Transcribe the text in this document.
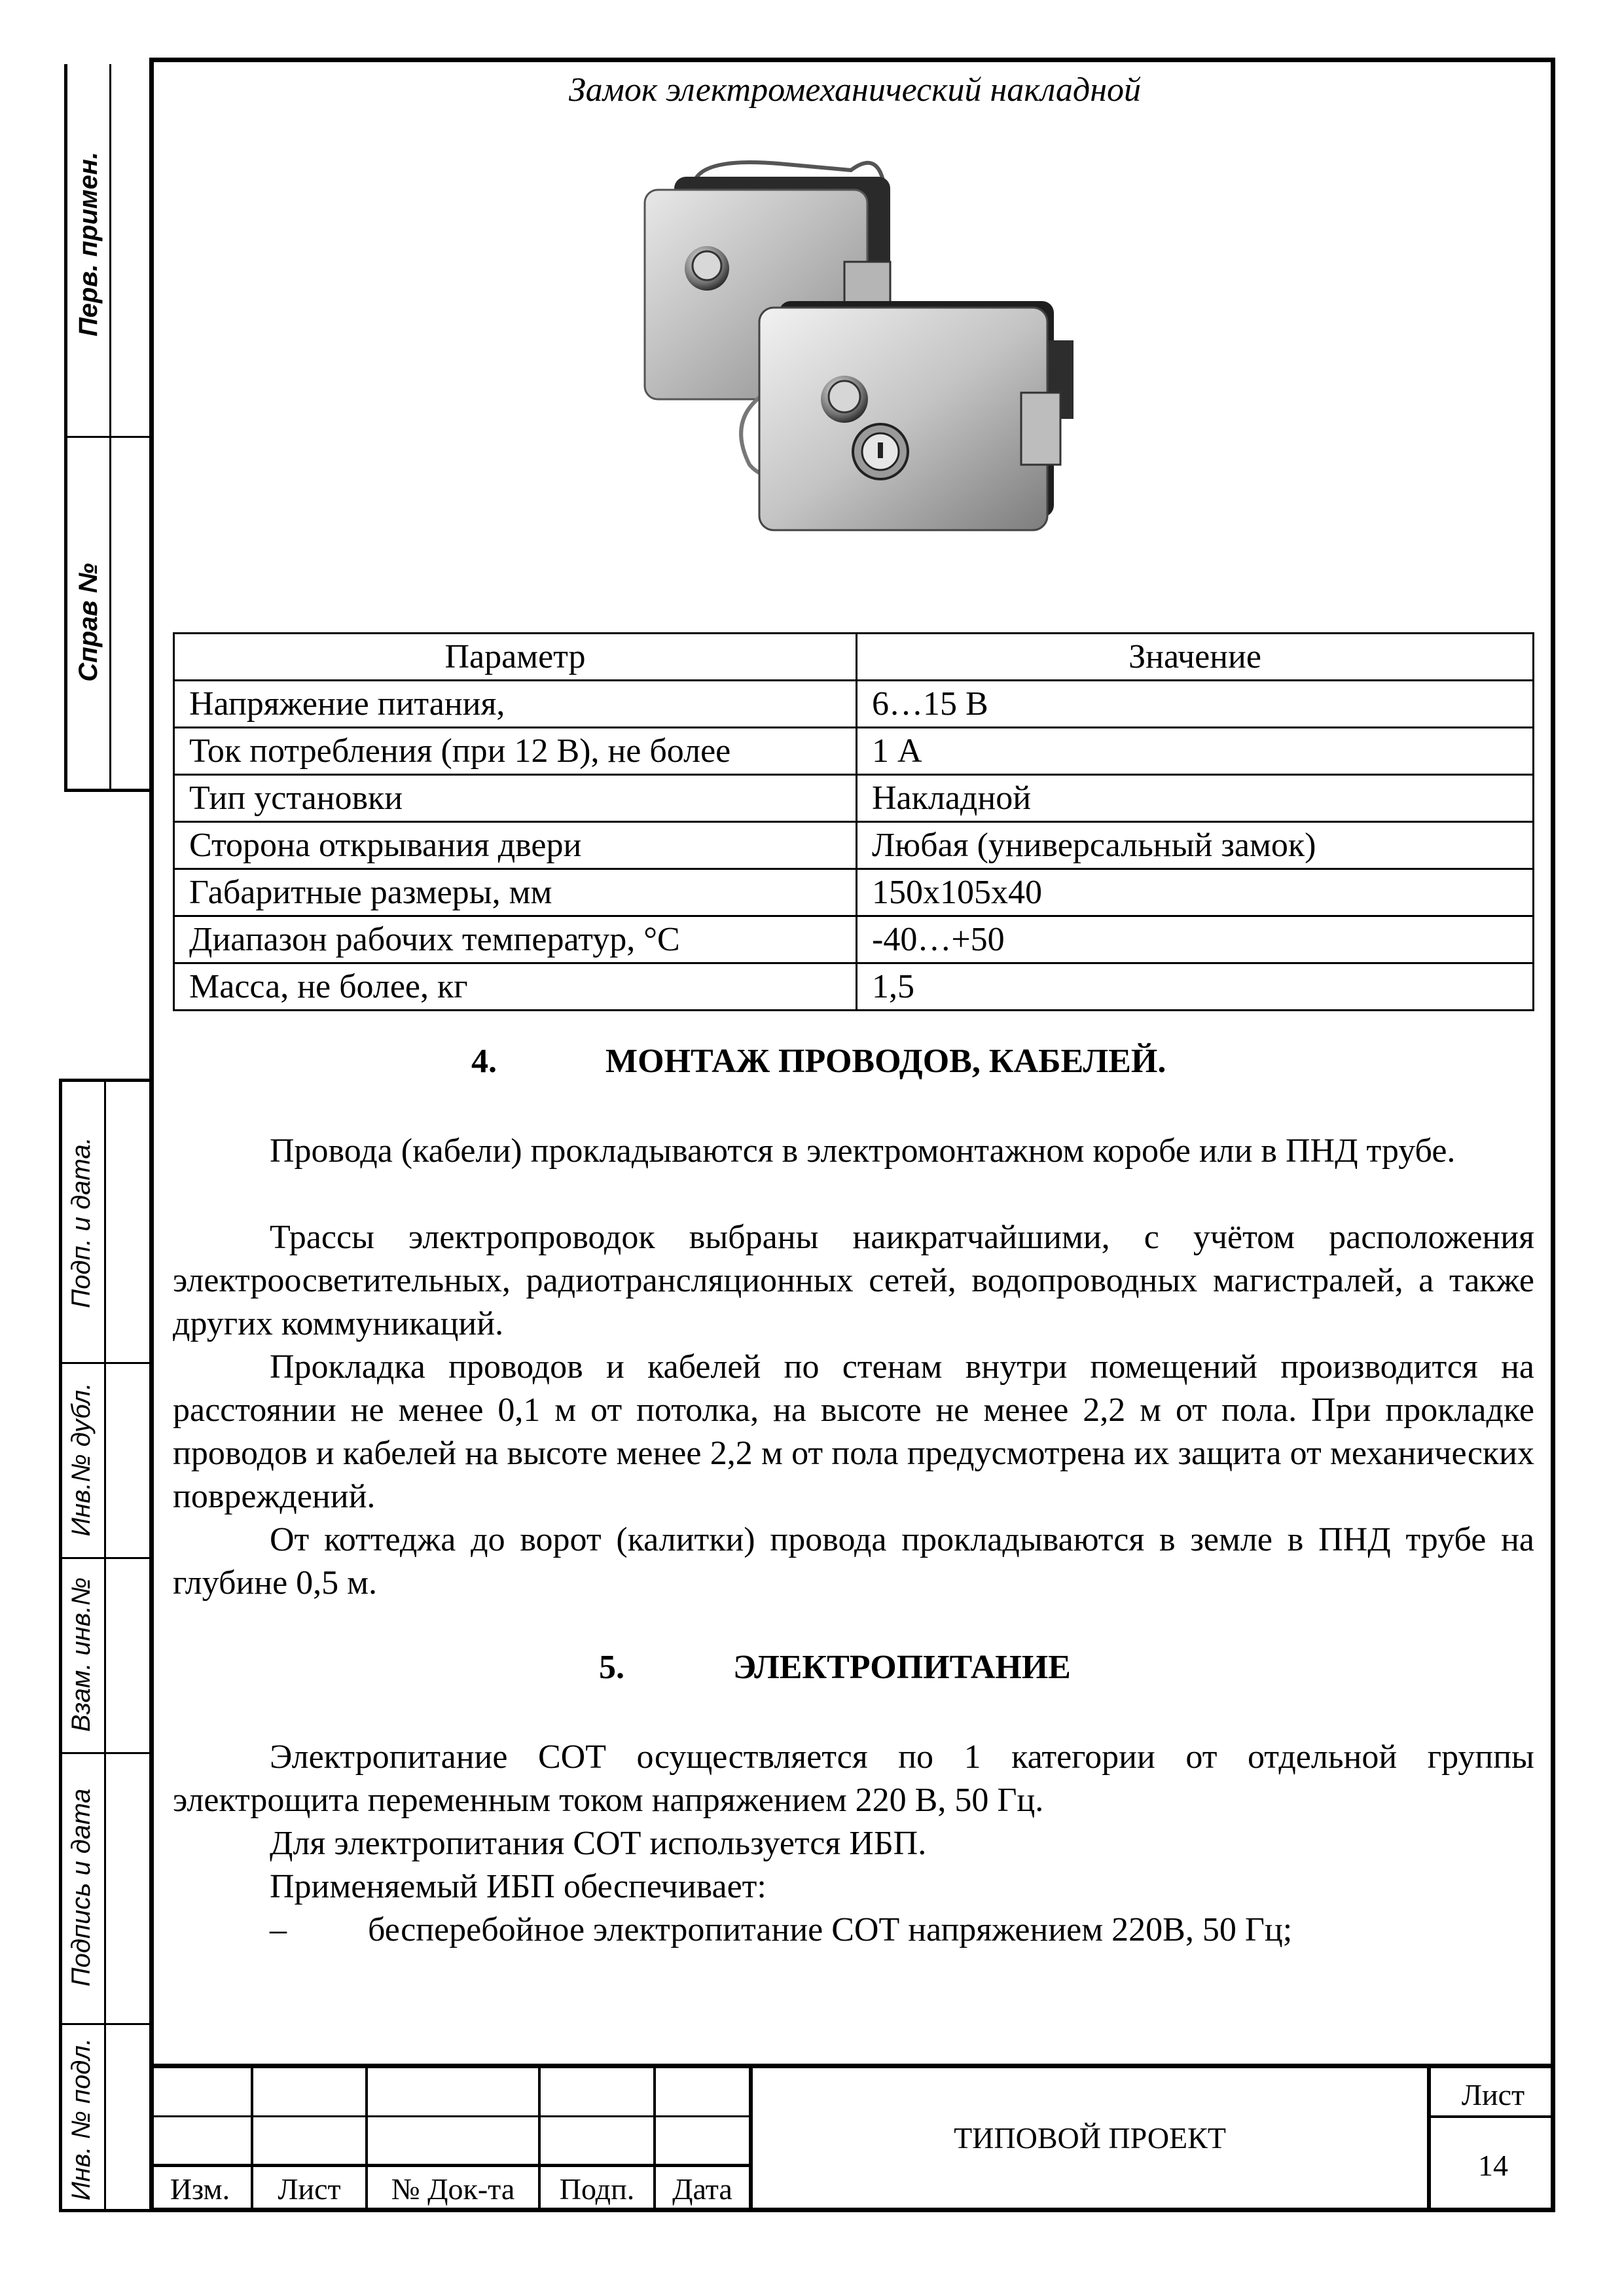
Перв. примен.
Справ №
Подп. и дата.
Инв.№ дубл.
Взам. инв.№
Подпись и дата
Инв. № подл.
Замок электромеханический накладной
Параметр	Значение
Напряжение питания,	6…15 В
Ток потребления (при 12 В), не более	1 А
Тип установки	Накладной
Сторона открывания двери	Любая (универсальный замок)
Габаритные размеры, мм	150x105x40
Диапазон рабочих температур, °С	-40…+50
Масса, не более, кг	1,5
4.	МОНТАЖ ПРОВОДОВ, КАБЕЛЕЙ.

Провода (кабели) прокладываются в электромонтажном коробе или в ПНД трубе.

Трассы электропроводок выбраны наикратчайшими, с учётом расположения электроосветительных, радиотрансляционных сетей, водопроводных магистралей, а также других коммуникаций.

Прокладка проводов и кабелей по стенам внутри помещений производится на расстоянии не менее 0,1 м от потолка, на высоте не менее 2,2 м от пола. При прокладке проводов и кабелей на высоте менее 2,2 м от пола предусмотрена их защита от механических повреждений.

От коттеджа до ворот (калитки) провода прокладываются в земле в ПНД трубе на глубине 0,5 м.

5.	ЭЛЕКТРОПИТАНИЕ

Электропитание СОТ осуществляется по 1 категории от отдельной группы электрощита переменным током напряжением 220 В, 50 Гц.

Для электропитания СОТ используется ИБП.

Применяемый ИБП обеспечивает:

– бесперебойное электропитание СОТ напряжением 220В, 50 Гц;
Изм.	Лист	№ Док-та	Подп.	Дата
ТИПОВОЙ ПРОЕКТ
Лист
14
